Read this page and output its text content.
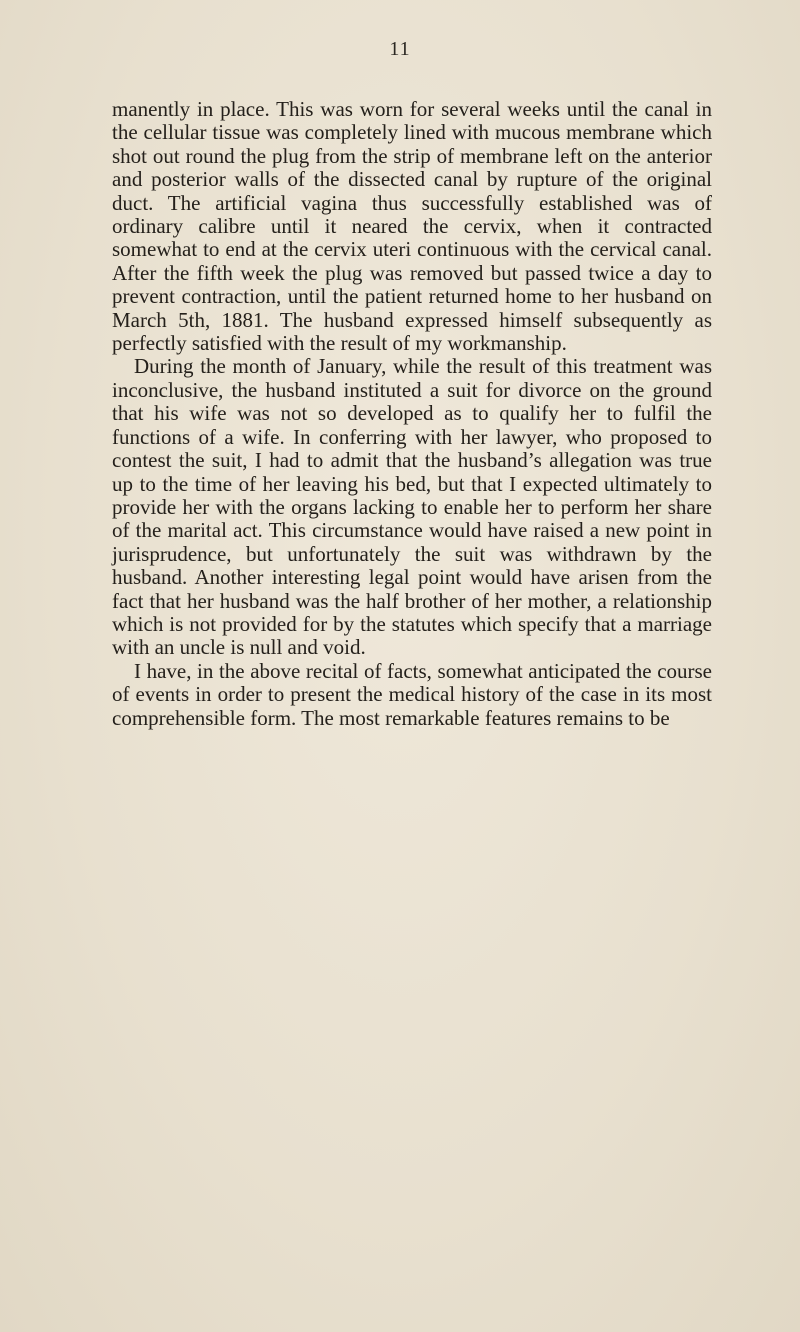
11

manently in place. This was worn for several weeks until the canal in the cellular tissue was completely lined with mucous membrane which shot out round the plug from the strip of membrane left on the anterior and posterior walls of the dissected canal by rupture of the original duct. The artificial vagina thus successfully established was of ordinary calibre until it neared the cervix, when it contracted somewhat to end at the cervix uteri continuous with the cervical canal. After the fifth week the plug was removed but passed twice a day to prevent contraction, until the patient returned home to her husband on March 5th, 1881. The husband expressed himself subsequently as perfectly satisfied with the result of my workmanship.

During the month of January, while the result of this treatment was inconclusive, the husband instituted a suit for divorce on the ground that his wife was not so developed as to qualify her to fulfil the functions of a wife. In conferring with her lawyer, who proposed to contest the suit, I had to admit that the husband’s allegation was true up to the time of her leaving his bed, but that I expected ultimately to provide her with the organs lacking to enable her to perform her share of the marital act. This circumstance would have raised a new point in jurisprudence, but unfortunately the suit was withdrawn by the husband. Another interesting legal point would have arisen from the fact that her husband was the half brother of her mother, a relationship which is not provided for by the statutes which specify that a marriage with an uncle is null and void.

I have, in the above recital of facts, somewhat anticipated the course of events in order to present the medical history of the case in its most comprehensible form. The most remarkable features remains to be
